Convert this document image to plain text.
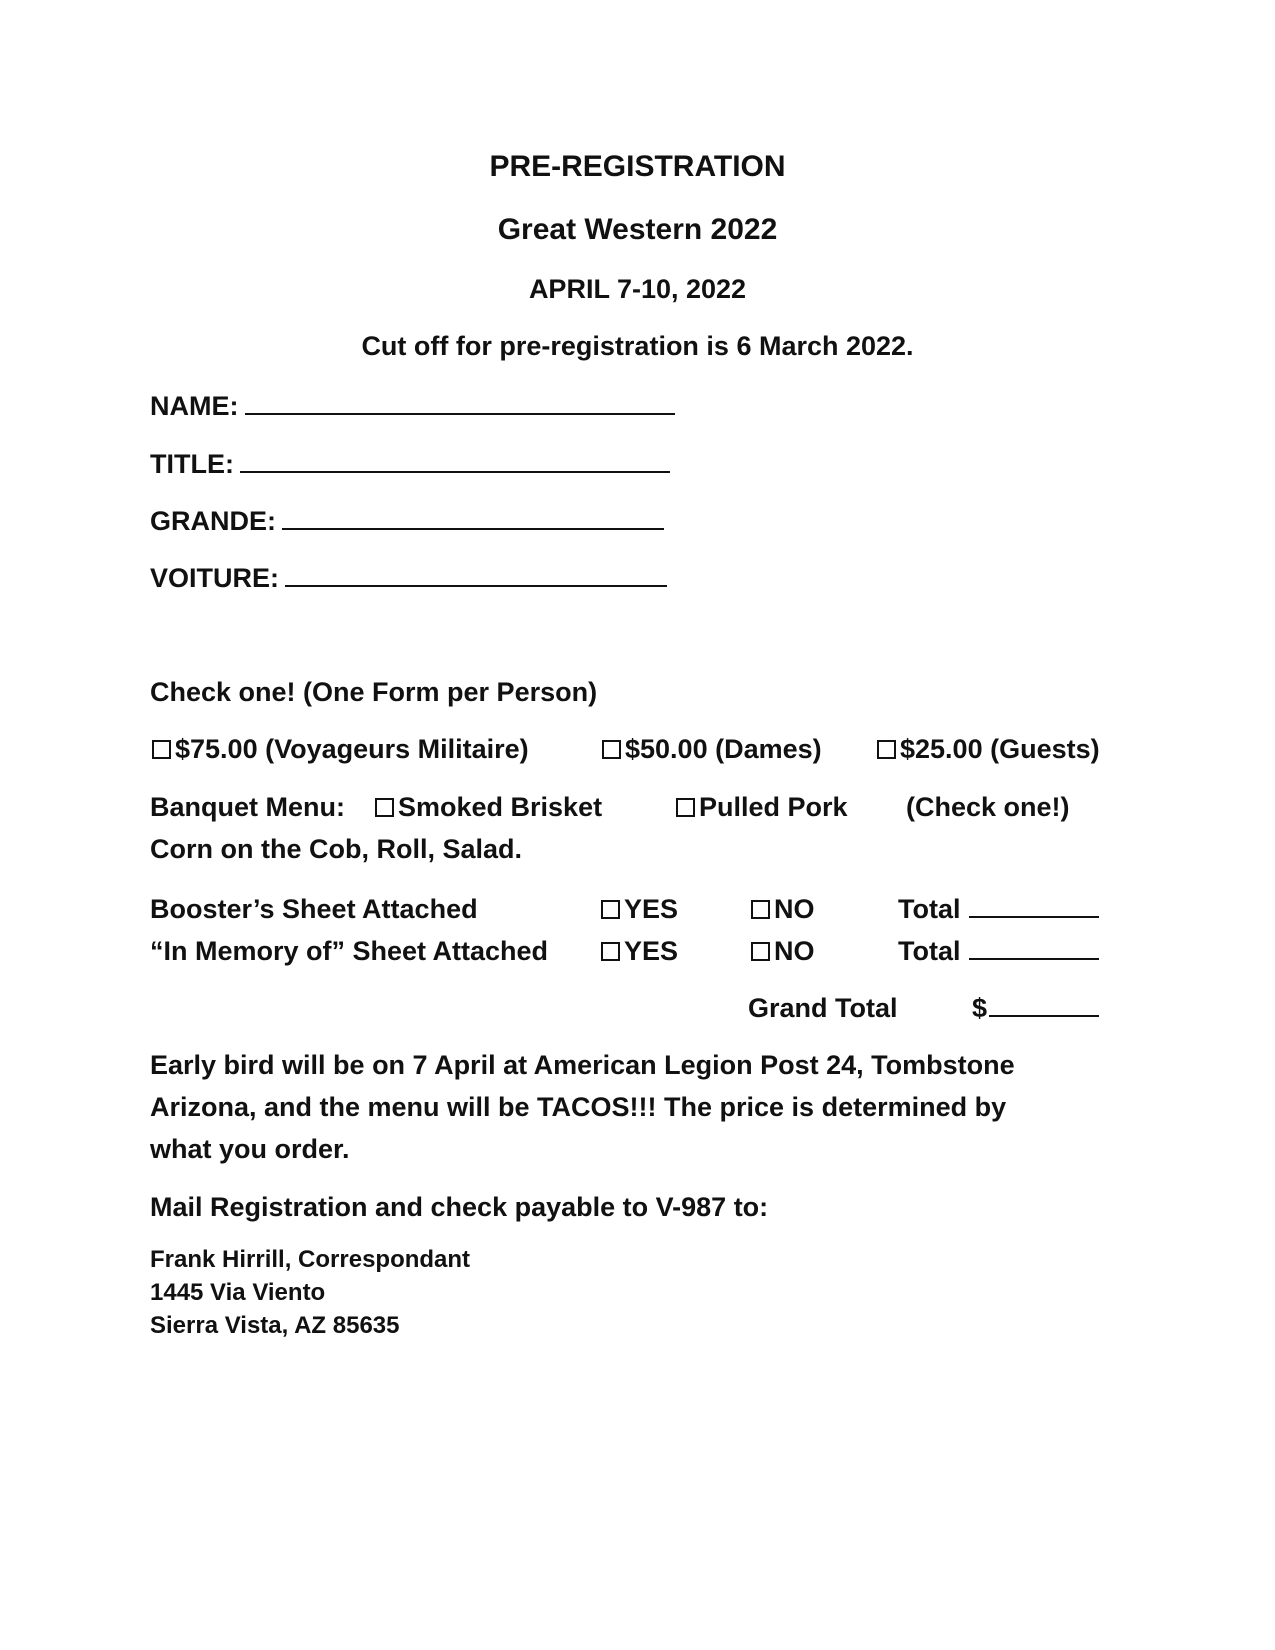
PRE-REGISTRATION
Great Western 2022
APRIL 7-10, 2022
Cut off for pre-registration is 6 March 2022.
NAME:
TITLE:
GRANDE:
VOITURE:
Check one! (One Form per Person)
$75.00 (Voyageurs Militaire)	$50.00 (Dames)	$25.00 (Guests)
Banquet Menu:	Smoked Brisket	Pulled Pork (Check one!)
Corn on the Cob, Roll, Salad.
Booster’s Sheet Attached	YES	NO	Total
“In Memory of” Sheet Attached	YES	NO	Total
Grand Total	$
Early bird will be on 7 April at American Legion Post 24, Tombstone
Arizona, and the menu will be TACOS!!! The price is determined by
what you order.
Mail Registration and check payable to V-987 to:
Frank Hirrill, Correspondant
1445 Via Viento
Sierra Vista, AZ 85635
